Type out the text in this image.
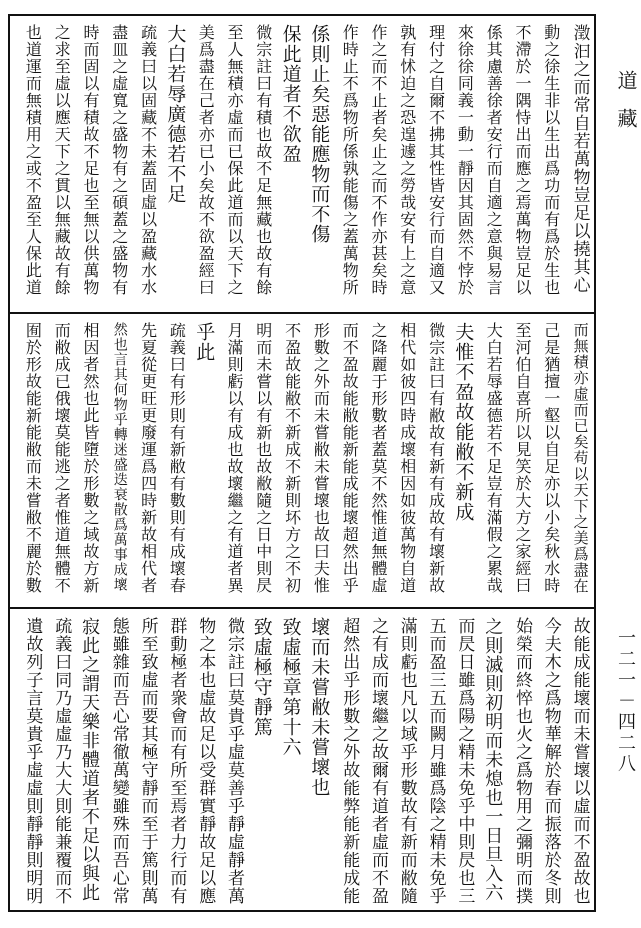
澂汩之而常自若萬物豈足以撓其心
動之徐生非以生出爲功而有爲於生也
不滯於一隅恃出而應之焉萬物豈足以
係其慮善徐者安行而自適之意與易言
來徐徐同義一動一靜因其固然不悖於
理付之自爾不拂其性皆安行而自適又
孰有怵迫之恐遑遽之勞哉安有上之意
作之而不止者矣止之而不作亦甚矣時
作時止不爲物所係孰能傷之蓋萬物所
係則止矣惡能應物而不傷
保此道者不欲盈
微宗註曰有積也故不足無藏也故有餘
至人無積亦虛而已保此道而以天下之
美爲盡在己者亦已小矣故不欲盈經曰
大白若辱廣德若不足
疏義曰以固藏不未蓋固虛以盈藏水水
盡皿之虛寬之盛物有之碩蓋之盛物有
時而固以有積故不足也至無以供萬物
之求至虛以應天下之貫以無藏故有餘
也道運而無積用之或不盈至人保此道
而無積亦虛而已矣苟以天下之美爲盡在
己是猶擅一壑以自足亦以小矣秋水時
至河伯自喜所以見笑於大方之家經曰
大白若辱盛德若不足豈有滿假之累哉
夫惟不盈故能敝不新成
微宗註曰有敝故有新有成故有壞新故
相代如彼四時成壞相因如彼萬物自道
之降麗于形數者蓋莫不然惟道無體虛
而不盈故能敝能新能成能壞超然出乎
形數之外而未嘗敝未嘗壞也故曰夫惟
不盈故能敝不新成不新則坏方之不初
明而未嘗以有新也故敝隨之日中則昃
月滿則虧以有成也故壞繼之有道者異
乎此
疏義曰有形則有新敝有數則有成壞春
先夏從更旺更廢運爲四時新故相代者
然也言其何物乎轉迷盛迭衰散爲萬事成壞
相因者然也此皆墮於形數之域故方新
而敝成已俄壞莫能逃之者惟道無體不
囿於形故能新能敝而未嘗敝不麗於數
故能成能壞而未嘗壞以虛而不盈故也
今夫木之爲物華解於春而振落於冬則
始榮而終悴也火之爲物用之彌明而撲
之則滅則初明而未熄也一日旦入六
而昃日雖爲陽之精未免乎中則昃也三
五而盈三五而闕月雖爲陰之精未免乎
滿則虧也凡以域乎形數故有新而敝隨
之有成而壞繼之故爾有道者虛而不盈
超然出乎形數之外故能弊能新能成能
壞而未嘗敝未嘗壞也
致虛極章第十六
致虛極守靜篤
微宗註曰莫貴乎虛莫善乎靜虛靜者萬
物之本也虛故足以受群實靜故足以應
群動極者衆會而有所至焉者力行而有
所至致虛而要其極守靜而至于篤則萬
態雖雜而吾心常徹萬變雖殊而吾心常
寂此之謂天樂非體道者不足以與此
疏義曰同乃虛虛乃大大則能兼覆而不
遺故列子言莫貴乎虛虛則靜靜則明明
道藏
一二一－四二八
